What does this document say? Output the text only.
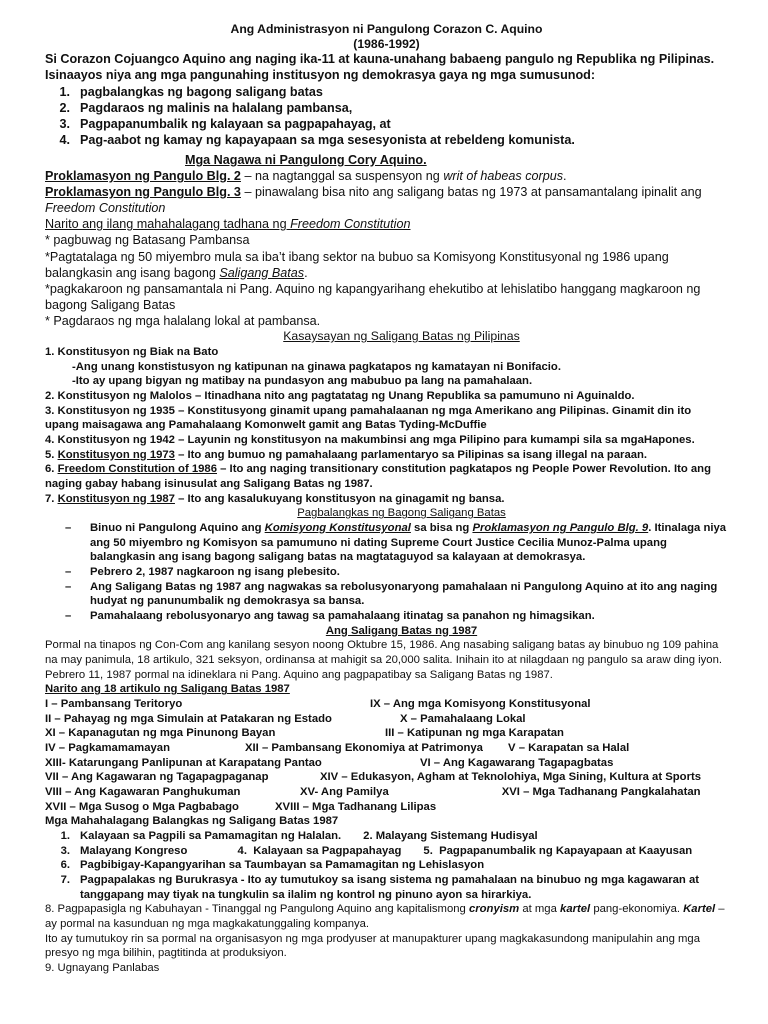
Ang Administrasyon ni Pangulong Corazon C. Aquino
(1986-1992)

Si Corazon Cojuangco Aquino ang naging ika-11 at kauna-unahang babaeng pangulo ng Republika ng Pilipinas.

Isinaayos niya ang mga pangunahing institusyon ng demokrasya gaya ng mga sumusunod:

1. pagbalangkas ng bagong saligang batas
2. Pagdaraos ng malinis na halalang pambansa,
3. Pagpapanumbalik ng kalayaan sa pagpapahayag, at
4. Pag-aabot ng kamay ng kapayapaan sa mga sesesyonista at rebeldeng komunista.

Mga Nagawa ni Pangulong Cory Aquino.

Proklamasyon ng Pangulo Blg. 2 – na nagtanggal sa suspensyon ng writ of habeas corpus.

Proklamasyon ng Pangulo Blg. 3 – pinawalang bisa nito ang saligang batas ng 1973 at pansamantalang ipinalit ang Freedom Constitution

Narito ang ilang mahahalagang tadhana ng Freedom Constitution

* pagbuwag ng Batasang Pambansa

*Pagtatalaga ng 50 miyembro mula sa iba’t ibang sektor na bubuo sa Komisyong Konstitusyonal ng 1986 upang balangkasin ang isang bagong Saligang Batas.

*pagkakaroon ng pansamantala ni Pang. Aquino ng kapangyarihang ehekutibo at lehislatibo hanggang magkaroon ng bagong Saligang Batas

* Pagdaraos ng mga halalang lokal at pambansa.

Kasaysayan ng Saligang Batas ng Pilipinas

1. Konstitusyon ng Biak na Bato

-Ang unang konstistusyon ng katipunan na ginawa pagkatapos ng kamatayan ni Bonifacio.

-Ito ay upang bigyan ng matibay na pundasyon ang mabubuo pa lang na pamahalaan.

2. Konstitusyon ng Malolos – Itinadhana nito ang pagtatatag ng Unang Republika sa pamumuno ni Aguinaldo.

3. Konstitusyon ng 1935 – Konstitusyong ginamit upang pamahalaanan ng mga Amerikano ang Pilipinas. Ginamit din ito upang maisagawa ang Pamahalaang Komonwelt gamit ang Batas Tyding-McDuffie

4. Konstitusyon ng 1942 – Layunin ng konstitusyon na makumbinsi ang mga Pilipino para kumampi sila sa mgaHapones.

5. Konstitusyon ng 1973 – Ito ang bumuo ng pamahalaang parlamentaryo sa Pilipinas sa isang illegal na paraan.

6. Freedom Constitution of 1986 – Ito ang naging transitionary constitution pagkatapos ng People Power Revolution. Ito ang naging gabay habang isinusulat ang Saligang Batas ng 1987.

7. Konstitusyon ng 1987 – Ito ang kasalukuyang konstitusyon na ginagamit ng bansa.

Pagbalangkas ng Bagong Saligang Batas

–	Binuo ni Pangulong Aquino ang Komisyong Konstitusyonal sa bisa ng Proklamasyon ng Pangulo Blg. 9. Itinalaga niya ang 50 miyembro ng Komisyon sa pamumuno ni dating Supreme Court Justice Cecilia Munoz-Palma upang balangkasin ang isang bagong saligang batas na magtataguyod sa kalayaan at demokrasya.
–	Pebrero 2, 1987 nagkaroon ng isang plebesito.
–	Ang Saligang Batas ng 1987 ang nagwakas sa rebolusyonaryong pamahalaan ni Pangulong Aquino at ito ang naging hudyat ng panunumbalik ng demokrasya sa bansa.
–	Pamahalaang rebolusyonaryo ang tawag sa pamahalaang itinatag sa panahon ng himagsikan.

Ang Saligang Batas ng 1987

Pormal na tinapos ng Con-Com ang kanilang sesyon noong Oktubre 15, 1986. Ang nasabing saligang batas ay binubuo ng 109 pahina na may panimula, 18 artikulo, 321 seksyon, ordinansa at mahigit sa 20,000 salita. Inihain ito at nilagdaan ng pangulo sa araw ding iyon.

Pebrero 11, 1987 pormal na idineklara ni Pang. Aquino ang pagpapatibay sa Saligang Batas ng 1987.

Narito ang 18 artikulo ng Saligang Batas 1987

I – Pambansang Teritoryo	IX – Ang mga Komisyong Konstitusyonal
II – Pahayag ng mga Simulain at Patakaran ng Estado	X – Pamahalaang Lokal
XI – Kapanagutan ng mga Pinunong Bayan	III – Katipunan ng mga Karapatan
IV – Pagkamamamayan	XII – Pambansang Ekonomiya at Patrimonya        V – Karapatan sa Halal
XIII- Katarungang Panlipunan at Karapatang Pantao	VI – Ang Kagawarang Tagapagbatas
VII – Ang Kagawaran ng Tagapagpaganap	XIV – Edukasyon, Agham at Teknolohiya, Mga Sining, Kultura at Sports
VIII – Ang Kagawaran Panghukuman	XV- Ang Pamilya                                    XVI – Mga Tadhanang Pangkalahatan
XVII – Mga Susog o Mga Pagbabago	XVIII – Mga Tadhanang Lilipas

Mga Mahahalagang Balangkas ng Saligang Batas 1987

1. Kalayaan sa Pagpili sa Pamamagitan ng Halalan.       2. Malayang Sistemang Hudisyal
3. Malayang Kongreso                4.  Kalayaan sa Pagpapahayag       5.  Pagpapanumbalik ng Kapayapaan at Kaayusan
6. Pagbibigay-Kapangyarihan sa Taumbayan sa Pamamagitan ng Lehislasyon
7. Pagpapalakas ng Burukrasya - Ito ay tumutukoy sa isang sistema ng pamahalaan na binubuo ng mga kagawaran at tanggapang may tiyak na tungkulin sa ilalim ng kontrol ng pinuno ayon sa hirarkiya.

8. Pagpapasigla ng Kabuhayan - Tinanggal ng Pangulong Aquino ang kapitalismong cronyism at mga kartel pang-ekonomiya. Kartel – ay pormal na kasunduan ng mga magkakatunggaling kompanya.

Ito ay tumutukoy rin sa pormal na organisasyon ng mga prodyuser at manupakturer upang magkakasundong manipulahin ang mga presyo ng mga bilihin, pagtitinda at produksiyon.

9. Ugnayang Panlabas
